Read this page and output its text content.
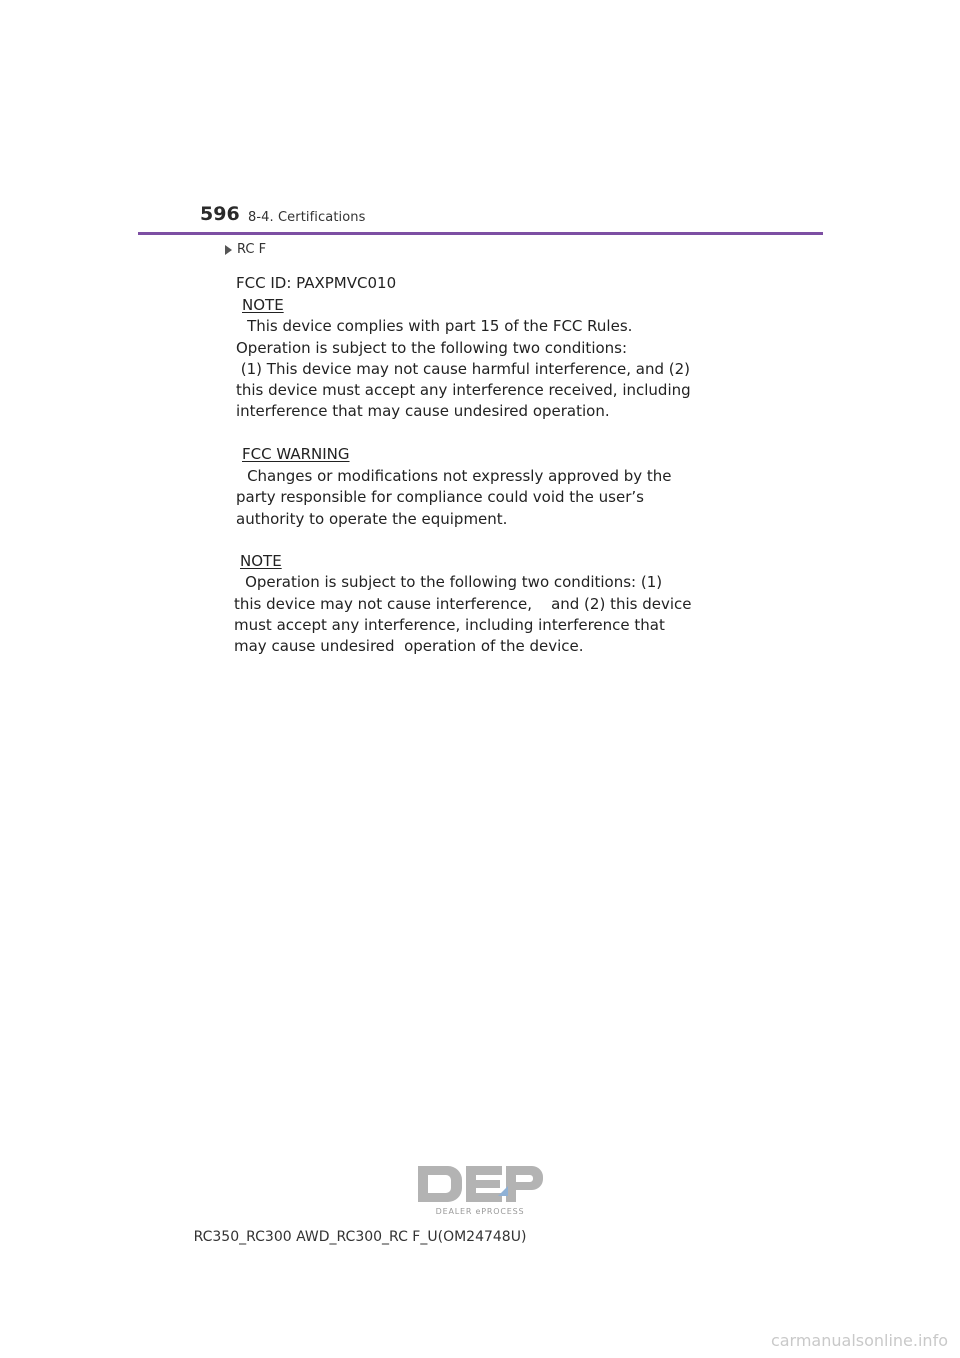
596 8-4. Certifications
RC F
FCC ID: PAXPMVC010
NOTE
This device complies with part 15 of the FCC Rules.
Operation is subject to the following two conditions:
(1) This device may not cause harmful interference, and (2)
this device must accept any interference received, including
interference that may cause undesired operation.
FCC WARNING
Changes or modifications not expressly approved by the
party responsible for compliance could void the user’s
authority to operate the equipment.
NOTE
Operation is subject to the following two conditions: (1)
this device may not cause interference,    and (2) this device
must accept any interference, including interference that
may cause undesired  operation of the device.
DEALER ePROCESS
RC350_RC300 AWD_RC300_RC F_U(OM24748U)
carmanualsonline.info
